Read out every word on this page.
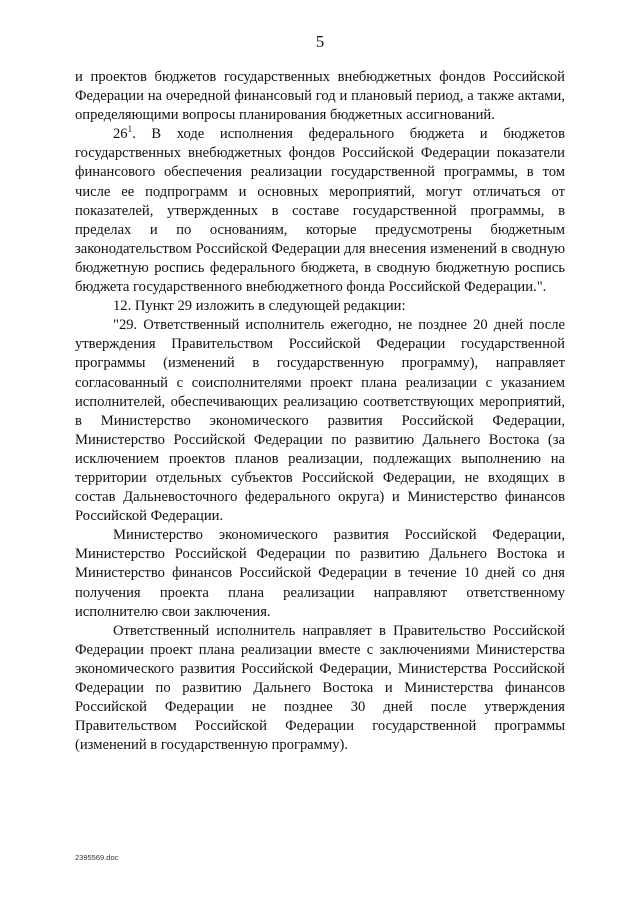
5

и проектов бюджетов государственных внебюджетных фондов Российской Федерации на очередной финансовый год и плановый период, а также актами, определяющими вопросы планирования бюджетных ассигнований.

26$^1$. В ходе исполнения федерального бюджета и бюджетов государственных внебюджетных фондов Российской Федерации показатели финансового обеспечения реализации государственной программы, в том числе ее подпрограмм и основных мероприятий, могут отличаться от показателей, утвержденных в составе государственной программы, в пределах и по основаниям, которые предусмотрены бюджетным законодательством Российской Федерации для внесения изменений в сводную бюджетную роспись федерального бюджета, в сводную бюджетную роспись бюджета государственного внебюджетного фонда Российской Федерации.".

12. Пункт 29 изложить в следующей редакции:

"29. Ответственный исполнитель ежегодно, не позднее 20 дней после утверждения Правительством Российской Федерации государственной программы (изменений в государственную программу), направляет согласованный с соисполнителями проект плана реализации с указанием исполнителей, обеспечивающих реализацию соответствующих мероприятий, в Министерство экономического развития Российской Федерации, Министерство Российской Федерации по развитию Дальнего Востока (за исключением проектов планов реализации, подлежащих выполнению на территории отдельных субъектов Российской Федерации, не входящих в состав Дальневосточного федерального округа) и Министерство финансов Российской Федерации.

Министерство экономического развития Российской Федерации, Министерство Российской Федерации по развитию Дальнего Востока и Министерство финансов Российской Федерации в течение 10 дней со дня получения проекта плана реализации направляют ответственному исполнителю свои заключения.

Ответственный исполнитель направляет в Правительство Российской Федерации проект плана реализации вместе с заключениями Министерства экономического развития Российской Федерации, Министерства Российской Федерации по развитию Дальнего Востока и Министерства финансов Российской Федерации не позднее 30 дней после утверждения Правительством Российской Федерации государственной программы (изменений в государственную программу).

2395569.doc
